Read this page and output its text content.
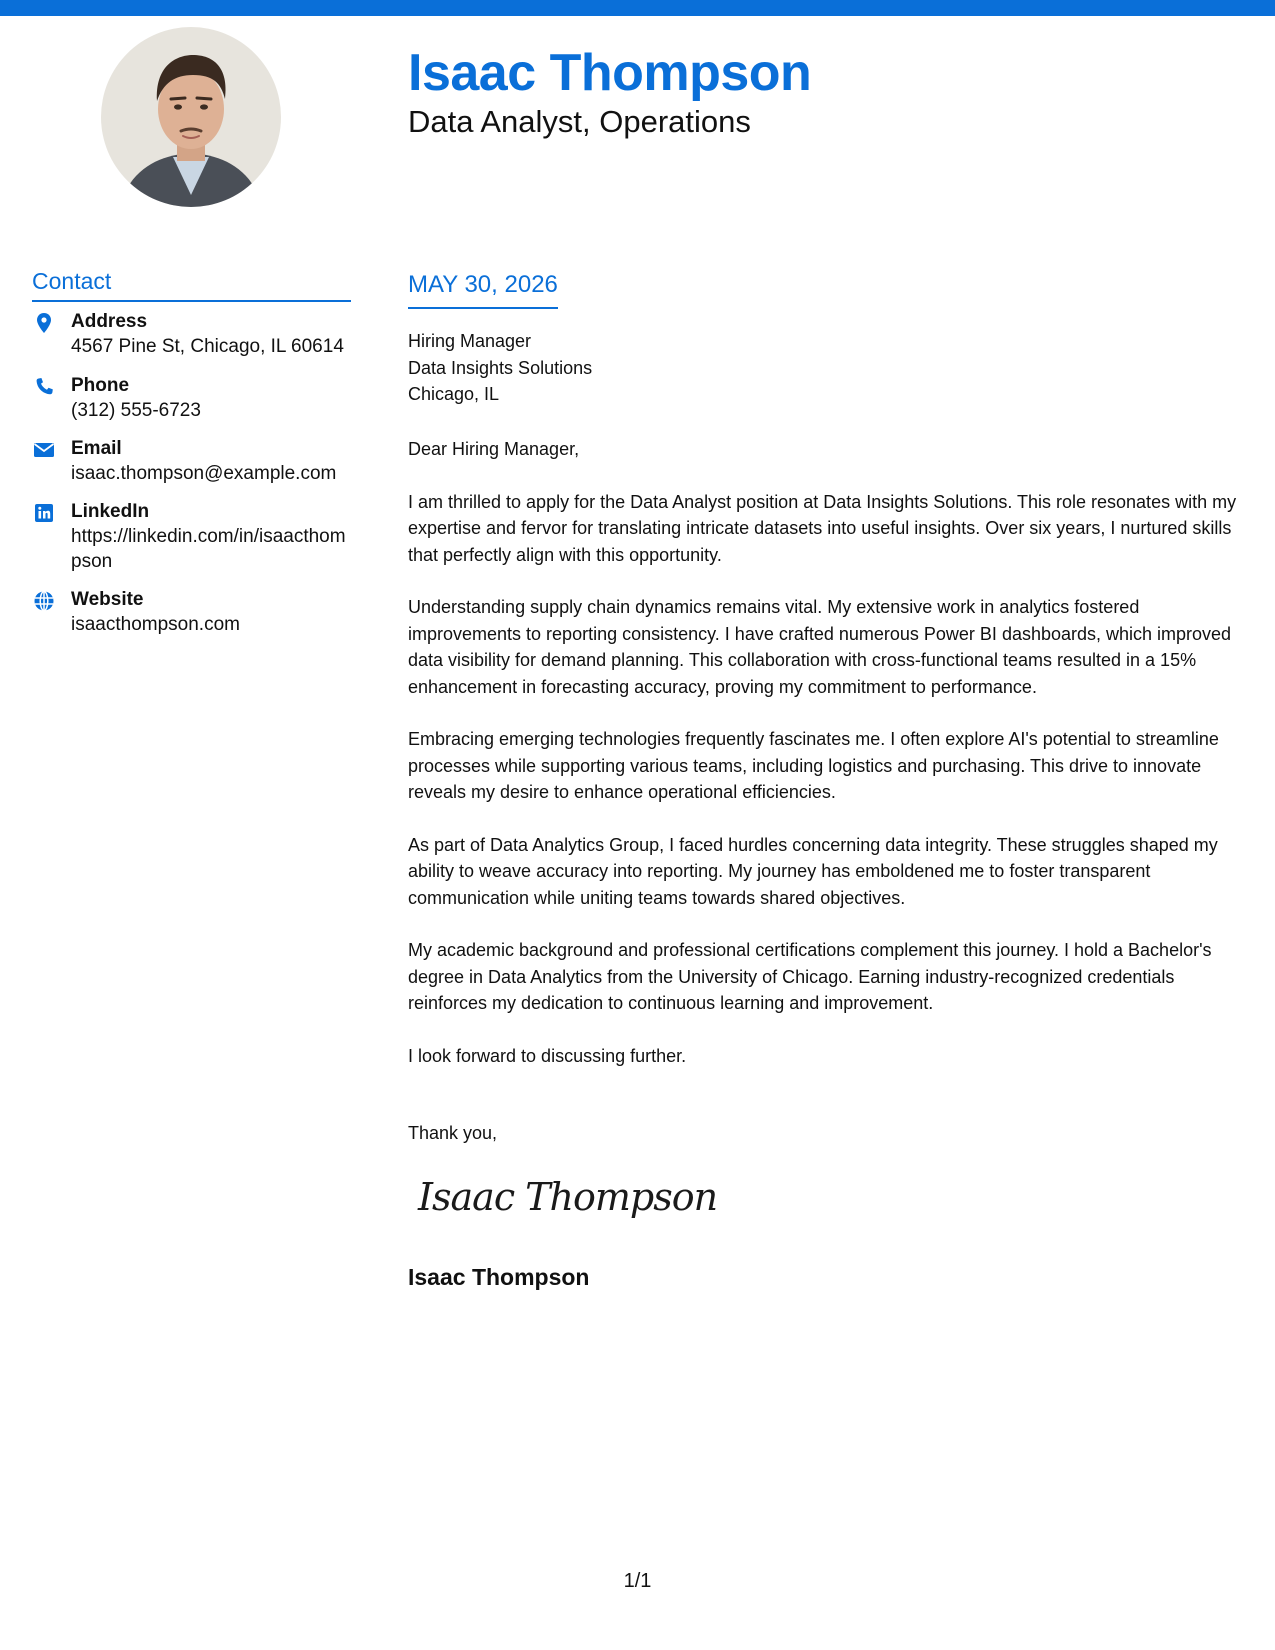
Isaac Thompson
Data Analyst, Operations
Contact
Address
4567 Pine St, Chicago, IL 60614
Phone
(312) 555-6723
Email
isaac.thompson@example.com
LinkedIn
https://linkedin.com/in/isaacthompson
Website
isaacthompson.com
MAY 30, 2026
Hiring Manager
Data Insights Solutions
Chicago, IL

Dear Hiring Manager,

I am thrilled to apply for the Data Analyst position at Data Insights Solutions. This role resonates with my expertise and fervor for translating intricate datasets into useful insights. Over six years, I nurtured skills that perfectly align with this opportunity.

Understanding supply chain dynamics remains vital. My extensive work in analytics fostered improvements to reporting consistency. I have crafted numerous Power BI dashboards, which improved data visibility for demand planning. This collaboration with cross-functional teams resulted in a 15% enhancement in forecasting accuracy, proving my commitment to performance.

Embracing emerging technologies frequently fascinates me. I often explore AI's potential to streamline processes while supporting various teams, including logistics and purchasing. This drive to innovate reveals my desire to enhance operational efficiencies.

As part of Data Analytics Group, I faced hurdles concerning data integrity. These struggles shaped my ability to weave accuracy into reporting. My journey has emboldened me to foster transparent communication while uniting teams towards shared objectives.

My academic background and professional certifications complement this journey. I hold a Bachelor's degree in Data Analytics from the University of Chicago. Earning industry-recognized credentials reinforces my dedication to continuous learning and improvement.

I look forward to discussing further.

Thank you,
Isaac Thompson
Isaac Thompson
1/1
